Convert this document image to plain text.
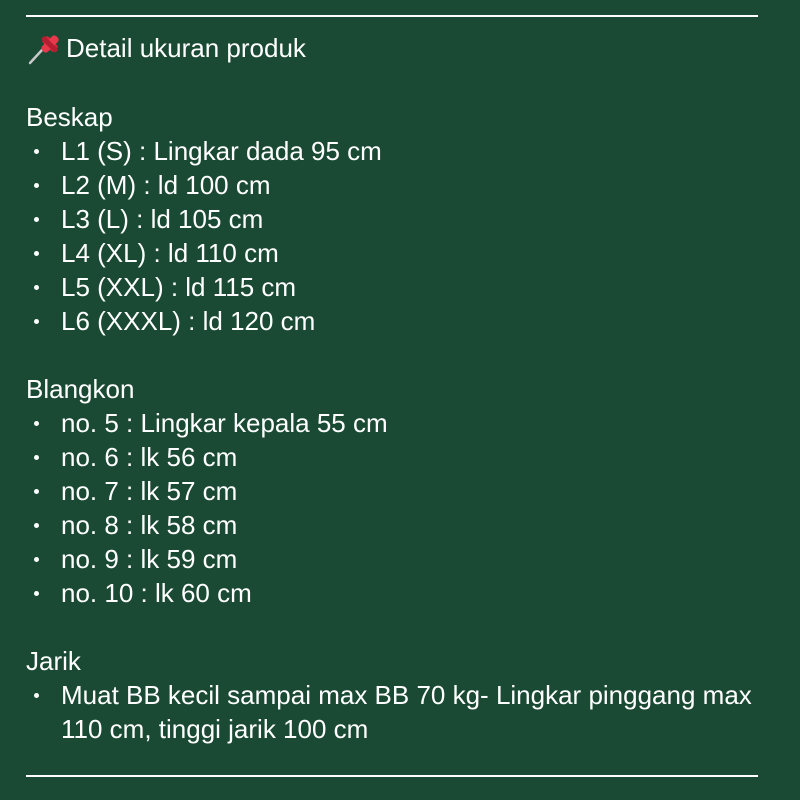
Detail ukuran produk
Beskap
L1 (S) : Lingkar dada 95 cm
L2 (M) : ld 100 cm
L3 (L) : ld 105 cm
L4 (XL) : ld 110 cm
L5 (XXL) : ld 115 cm
L6 (XXXL) : ld 120 cm
Blangkon
no. 5 : Lingkar kepala 55 cm
no. 6 : lk 56 cm
no. 7 : lk 57 cm
no. 8 : lk 58 cm
no. 9 : lk 59 cm
no. 10 : lk 60 cm
Jarik
Muat BB kecil sampai max BB 70 kg- Lingkar pinggang max 110 cm, tinggi jarik 100 cm
